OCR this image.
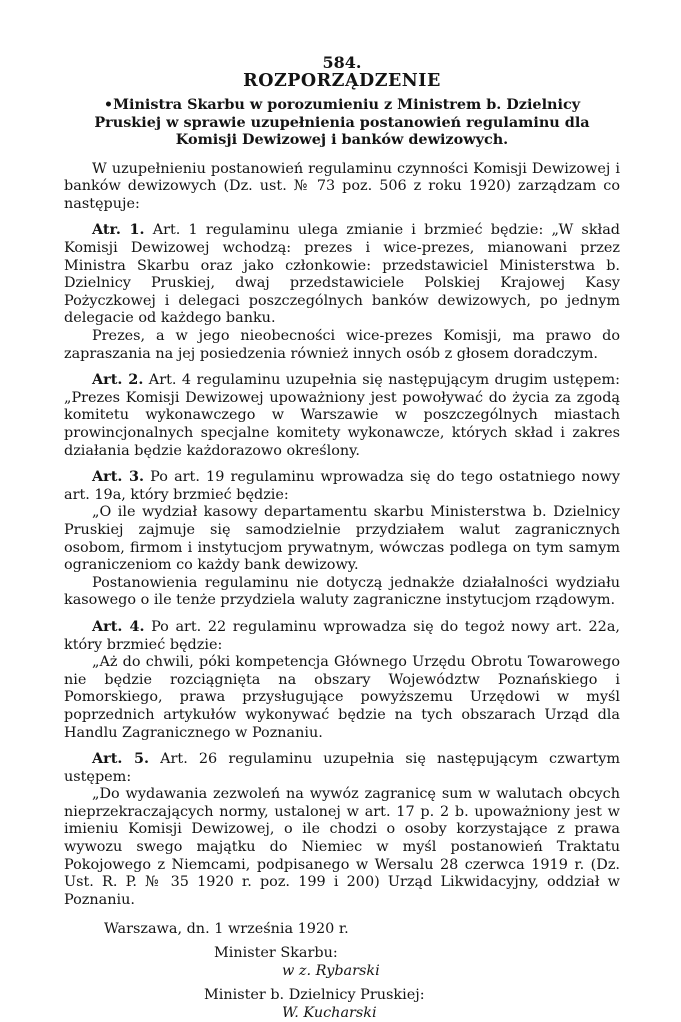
584.
ROZPORZĄDZENIE
•Ministra Skarbu w porozumieniu z Ministrem b. Dzielnicy Pruskiej w sprawie uzupełnienia postanowień regulaminu dla Komisji Dewizowej i banków dewizowych.

W uzupełnieniu postanowień regulaminu czynności Komisji Dewizowej i banków dewizowych (Dz. ust. № 73 poz. 506 z roku 1920) zarządzam co następuje:

Atr. 1. Art. 1 regulaminu ulega zmianie i brzmieć będzie: „W skład Komisji Dewizowej wchodzą: prezes i wice-prezes, mianowani przez Ministra Skarbu oraz jako członkowie: przedstawiciel Ministerstwa b. Dzielnicy Pruskiej, dwaj przedstawiciele Polskiej Krajowej Kasy Pożyczkowej i delegaci poszczególnych banków dewizowych, po jednym delegacie od każdego banku.

Prezes, a w jego nieobecności wice-prezes Komisji, ma prawo do zapraszania na jej posiedzenia również innych osób z głosem doradczym.

Art. 2. Art. 4 regulaminu uzupełnia się następującym drugim ustępem: „Prezes Komisji Dewizowej upoważniony jest powoływać do życia za zgodą komitetu wykonawczego w Warszawie w poszczególnych miastach prowincjonalnych specjalne komitety wykonawcze, których skład i zakres działania będzie każdorazowo określony.

Art. 3. Po art. 19 regulaminu wprowadza się do tego ostatniego nowy art. 19a, który brzmieć będzie:

„O ile wydział kasowy departamentu skarbu Ministerstwa b. Dzielnicy Pruskiej zajmuje się samodzielnie przydziałem walut zagranicznych osobom, firmom i instytucjom prywatnym, wówczas podlega on tym samym ograniczeniom co każdy bank dewizowy.

Postanowienia regulaminu nie dotyczą jednakże działalności wydziału kasowego o ile tenże przydziela waluty zagraniczne instytucjom rządowym.

Art. 4. Po art. 22 regulaminu wprowadza się do tegoż nowy art. 22a, który brzmieć będzie:

„Aż do chwili, póki kompetencja Głównego Urzędu Obrotu Towarowego nie będzie rozciągnięta na obszary Województw Poznańskiego i Pomorskiego, prawa przysługujące powyższemu Urzędowi w myśl poprzednich artykułów wykonywać będzie na tych obszarach Urząd dla Handlu Zagranicznego w Poznaniu.

Art. 5. Art. 26 regulaminu uzupełnia się następującym czwartym ustępem:

„Do wydawania zezwoleń na wywóz zagranicę sum w walutach obcych nieprzekraczających normy, ustalonej w art. 17 p. 2 b. upoważniony jest w imieniu Komisji Dewizowej, o ile chodzi o osoby korzystające z prawa wywozu swego majątku do Niemiec w myśl postanowień Traktatu Pokojowego z Niemcami, podpisanego w Wersalu 28 czerwca 1919 r. (Dz. Ust. R. P. № 35 1920 r. poz. 199 i 200) Urząd Likwidacyjny, oddział w Poznaniu.

Warszawa, dn. 1 września 1920 r.
Minister Skarbu:
w z. Rybarski
Minister b. Dzielnicy Pruskiej:
W. Kucharski
